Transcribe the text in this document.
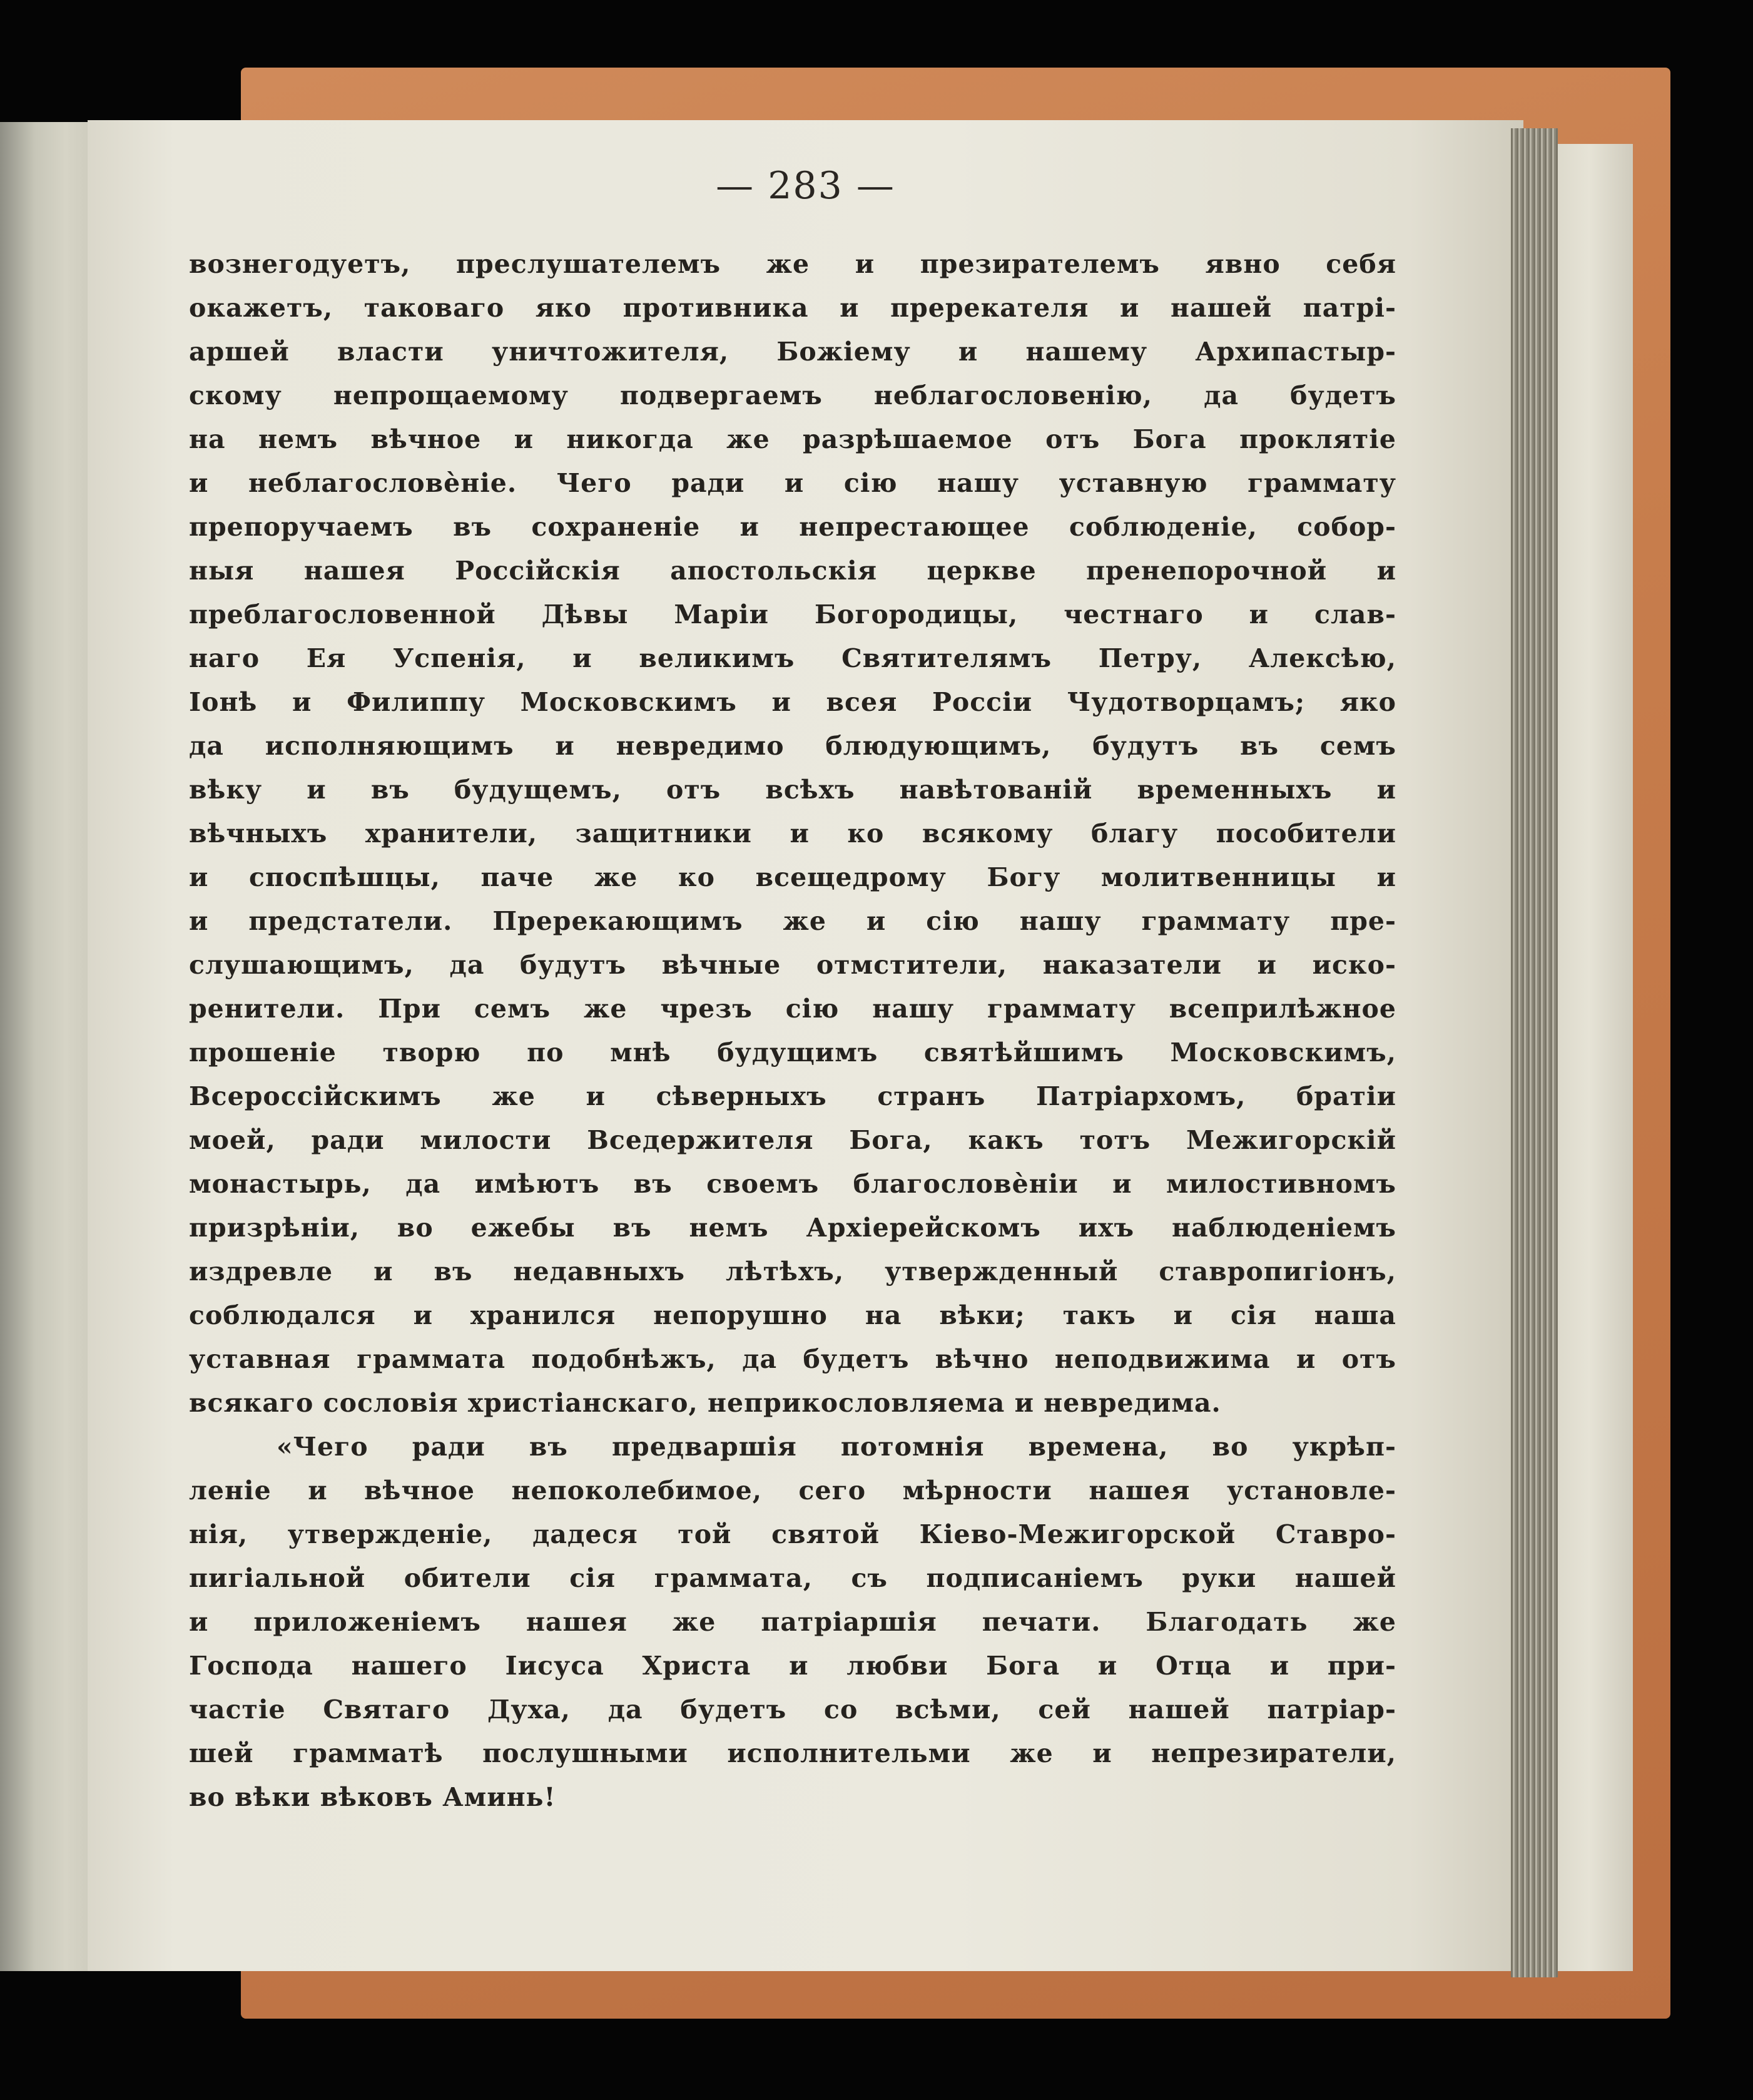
— 283 —
вознегодуетъ, преслушателемъ же и презирателемъ явно себя
окажетъ, таковаго яко противника и пререкателя и нашей патрі-
аршей власти уничтожителя, Божіему и нашему Архипастыр-
скому непрощаемому подвергаемъ неблагословенію, да будетъ
на немъ вѣчное и никогда же разрѣшаемое отъ Бога проклятіе
и неблагословѐніе. Чего ради и сію нашу уставную граммату
препоручаемъ въ сохраненіе и непрестающее соблюденіе, собор-
ныя нашея Россійскія апостольскія церкве пренепорочной и
преблагословенной Дѣвы Маріи Богородицы, честнаго и слав-
наго Ея Успенія, и великимъ Святителямъ Петру, Алексѣю,
Іонѣ и Филиппу Московскимъ и всея Россіи Чудотворцамъ; яко
да исполняющимъ и невредимо блюдующимъ, будутъ въ семъ
вѣку и въ будущемъ, отъ всѣхъ навѣтованій временныхъ и
вѣчныхъ хранители, защитники и ко всякому благу пособители
и споспѣшцы, паче же ко всещедрому Богу молитвенницы и
и предстатели. Пререкающимъ же и сію нашу граммату пре-
слушающимъ, да будутъ вѣчные отмстители, наказатели и иско-
ренители. При семъ же чрезъ сію нашу граммату всеприлѣжное
прошеніе творю по мнѣ будущимъ святѣйшимъ Московскимъ,
Всероссійскимъ же и сѣверныхъ странъ Патріархомъ, братіи
моей, ради милости Вседержителя Бога, какъ тотъ Межигорскій
монастырь, да имѣютъ въ своемъ благословѐніи и милостивномъ
призрѣніи, во ежебы въ немъ Архіерейскомъ ихъ наблюденіемъ
издревле и въ недавныхъ лѣтѣхъ, утвержденный ставропигіонъ,
соблюдался и хранился непорушно на вѣки; такъ и сія наша
уставная граммата подобнѣжъ, да будетъ вѣчно неподвижима и отъ
всякаго сословія христіанскаго, неприкословляема и невредима.
«Чего ради въ предваршія потомнія времена, во укрѣп-
леніе и вѣчное непоколебимое, сего мѣрности нашея установле-
нія, утвержденіе, дадеся той святой Кіево-Межигорской Ставро-
пигіальной обители сія граммата, съ подписаніемъ руки нашей
и приложеніемъ нашея же патріаршія печати. Благодать же
Господа нашего Іисуса Христа и любви Бога и Отца и при-
частіе Святаго Духа, да будетъ со всѣми, сей нашей патріар-
шей грамматѣ послушными исполнительми же и непрезиратели,
во вѣки вѣковъ Аминь!
